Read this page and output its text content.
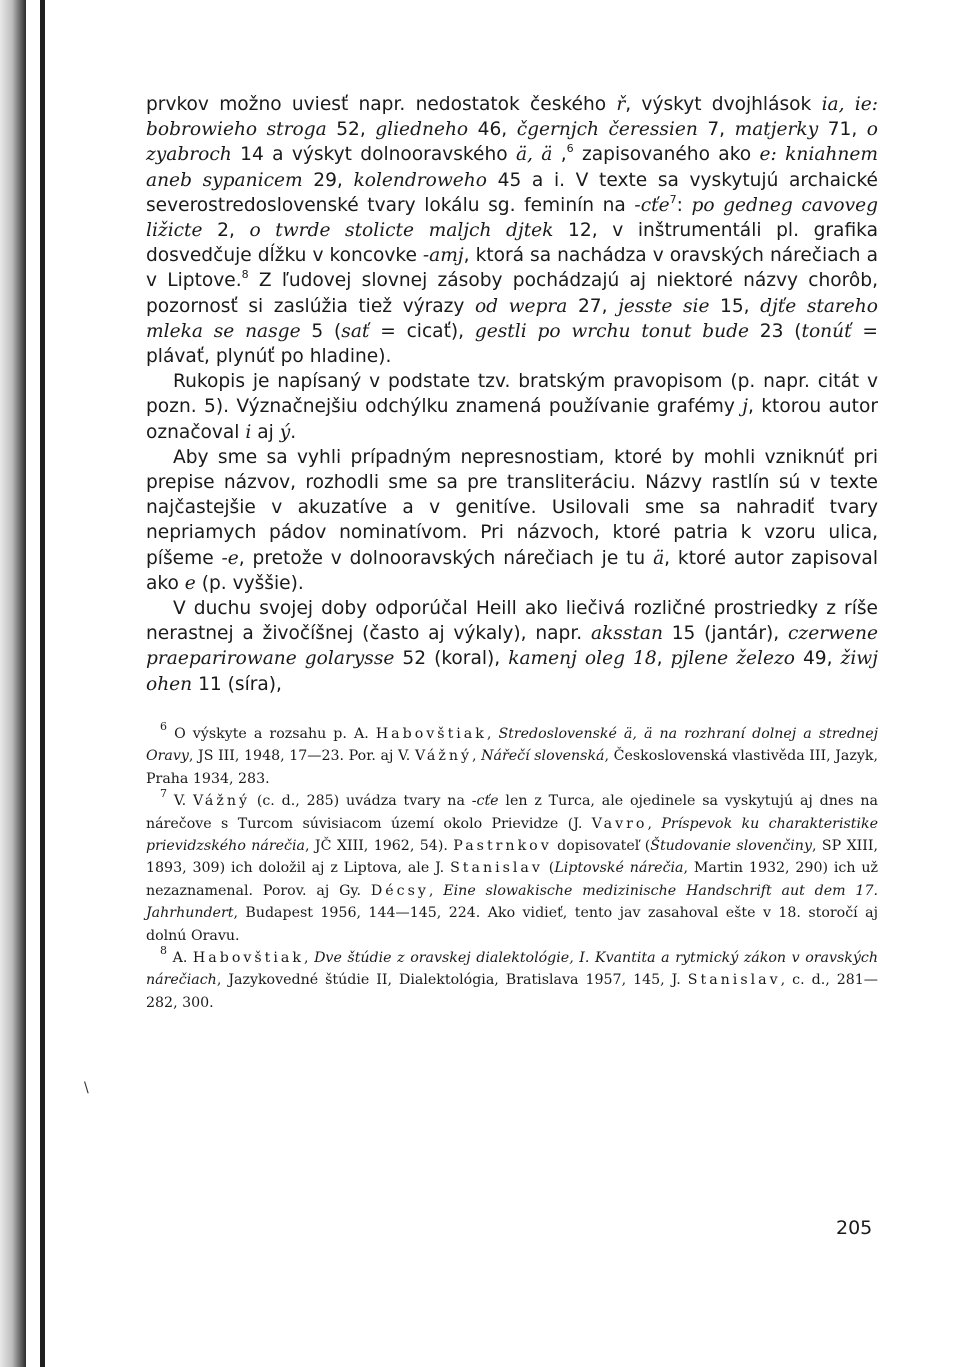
\

prvkov možno uviesť napr. nedostatok českého ř, výskyt dvojhlások ia, ie: bobrowieho stroga 52, gliedneho 46, čgernjch čeressien 7, matjerky 71, o zyabroch 14 a výskyt dolnooravského ä, ä ,$^6$ zapisovaného ako e: kniahnem aneb sypanicem 29, kolendroweho 45 a i. V texte sa vyskytujú archaické severostredoslovenské tvary lokálu sg. feminín na -cťe$^7$: po gedneg cavoveg ližicte 2, o twrde stolicte maljch djtek 12, v inštrumentáli pl. grafika dosvedčuje dĺžku v koncovke -amj, ktorá sa nachádza v oravských nárečiach a v Liptove.$^8$ Z ľudovej slovnej zásoby pochádzajú aj niektoré názvy chorôb, pozornosť si zaslúžia tiež výrazy od wepra 27, jesste sie 15, djťe stareho mleka se nasge 5 (sať = cicať), gestli po wrchu tonut bude 23 (tonúť = plávať, plynúť po hladine).

Rukopis je napísaný v podstate tzv. bratským pravopisom (p. napr. citát v pozn. 5). Význačnejšiu odchýlku znamená používanie grafémy j, ktorou autor označoval i aj ý.

Aby sme sa vyhli prípadným nepresnostiam, ktoré by mohli vzniknúť pri prepise názvov, rozhodli sme sa pre transliteráciu. Názvy rastlín sú v texte najčastejšie v akuzatíve a v genitíve. Usilovali sme sa nahradiť tvary nepriamych pádov nominatívom. Pri názvoch, ktoré patria k vzoru ulica, píšeme -e, pretože v dolnooravských nárečiach je tu ä, ktoré autor zapisoval ako e (p. vyššie).

V duchu svojej doby odporúčal Heill ako liečivá rozličné prostriedky z ríše nerastnej a živočíšnej (často aj výkaly), napr. aksstan 15 (jantár), czerwene praeparirowane golarysse 52 (koral), kamenj oleg 18, pjlene železo 49, žiwj ohen 11 (síra),

$^6$ O výskyte a rozsahu p. A. Habovštiak, Stredoslovenské ä, ä na rozhraní dolnej a strednej Oravy, JS III, 1948, 17—23. Por. aj V. Vážný, Nářečí slovenská, Československá vlastivěda III, Jazyk, Praha 1934, 283.

$^7$ V. Vážný (c. d., 285) uvádza tvary na -cťe len z Turca, ale ojedinele sa vyskytujú aj dnes na nárečove s Turcom súvisiacom území okolo Prievidze (J. Vavro, Príspevok ku charakteristike prievidzského nárečia, JČ XIII, 1962, 54). Pastrnkov dopisovateľ (Študovanie slovenčiny, SP XIII, 1893, 309) ich doložil aj z Liptova, ale J. Stanislav (Liptovské nárečia, Martin 1932, 290) ich už nezaznamenal. Porov. aj Gy. Décsy, Eine slowakische medizinische Handschrift aut dem 17. Jahrhundert, Budapest 1956, 144—145, 224. Ako vidieť, tento jav zasahoval ešte v 18. storočí aj dolnú Oravu.

$^8$ A. Habovštiak, Dve štúdie z oravskej dialektológie, I. Kvantita a rytmický zákon v oravských nárečiach, Jazykovedné štúdie II, Dialektológia, Bratislava 1957, 145, J. Stanislav, c. d., 281—282, 300.

205
